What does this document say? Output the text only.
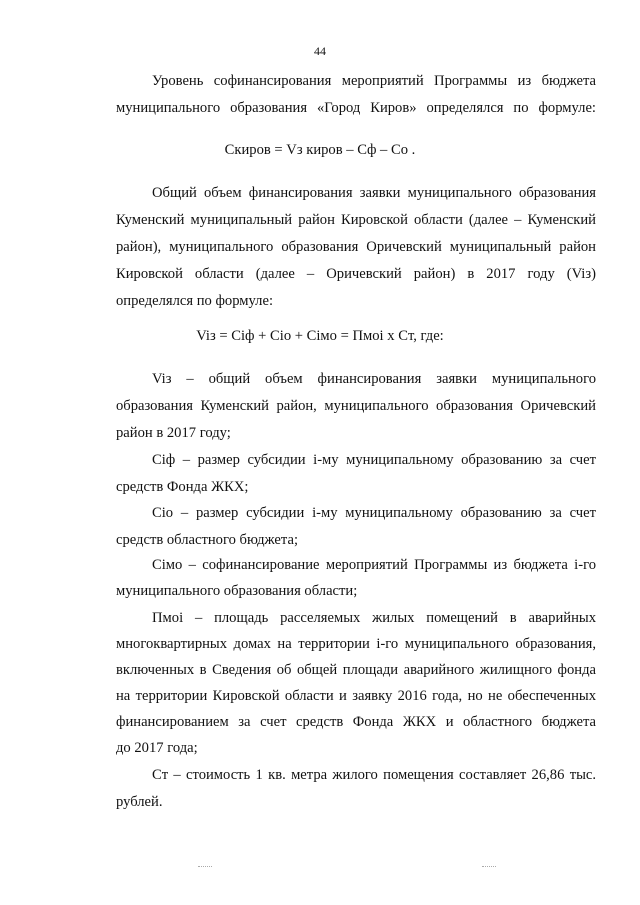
44
Уровень софинансирования мероприятий Программы из бюджета
муниципального образования «Город Киров» определялся по формуле:
Cкиров = Vз киров – Cф – Cо .
Общий объем финансирования заявки муниципального образования
Куменский муниципальный район Кировской области (далее – Куменский
район), муниципального образования Оричевский муниципальный район
Кировской области (далее – Оричевский район) в 2017 году (Viз)
определялся по формуле:
Viз = Ciф + Cio + Ciмo = Пмoi x Cт, где:
Viз – общий объем финансирования заявки муниципального
образования Куменский район, муниципального образования Оричевский
район в 2017 году;
Ciф – размер субсидии i-му муниципальному образованию за счет
средств Фонда ЖКХ;
Cio – размер субсидии i-му муниципальному образованию за счет
средств областного бюджета;
Ciмo – софинансирование мероприятий Программы из бюджета i-го
муниципального образования области;
Пмoi – площадь расселяемых жилых помещений в аварийных
многоквартирных домах на территории i-го муниципального образования,
включенных в Сведения об общей площади аварийного жилищного фонда
на территории Кировской области и заявку 2016 года, но не обеспеченных
финансированием за счет средств Фонда ЖКХ и областного бюджета
до 2017 года;
Cт – стоимость 1 кв. метра жилого помещения составляет 26,86 тыс.
рублей.
